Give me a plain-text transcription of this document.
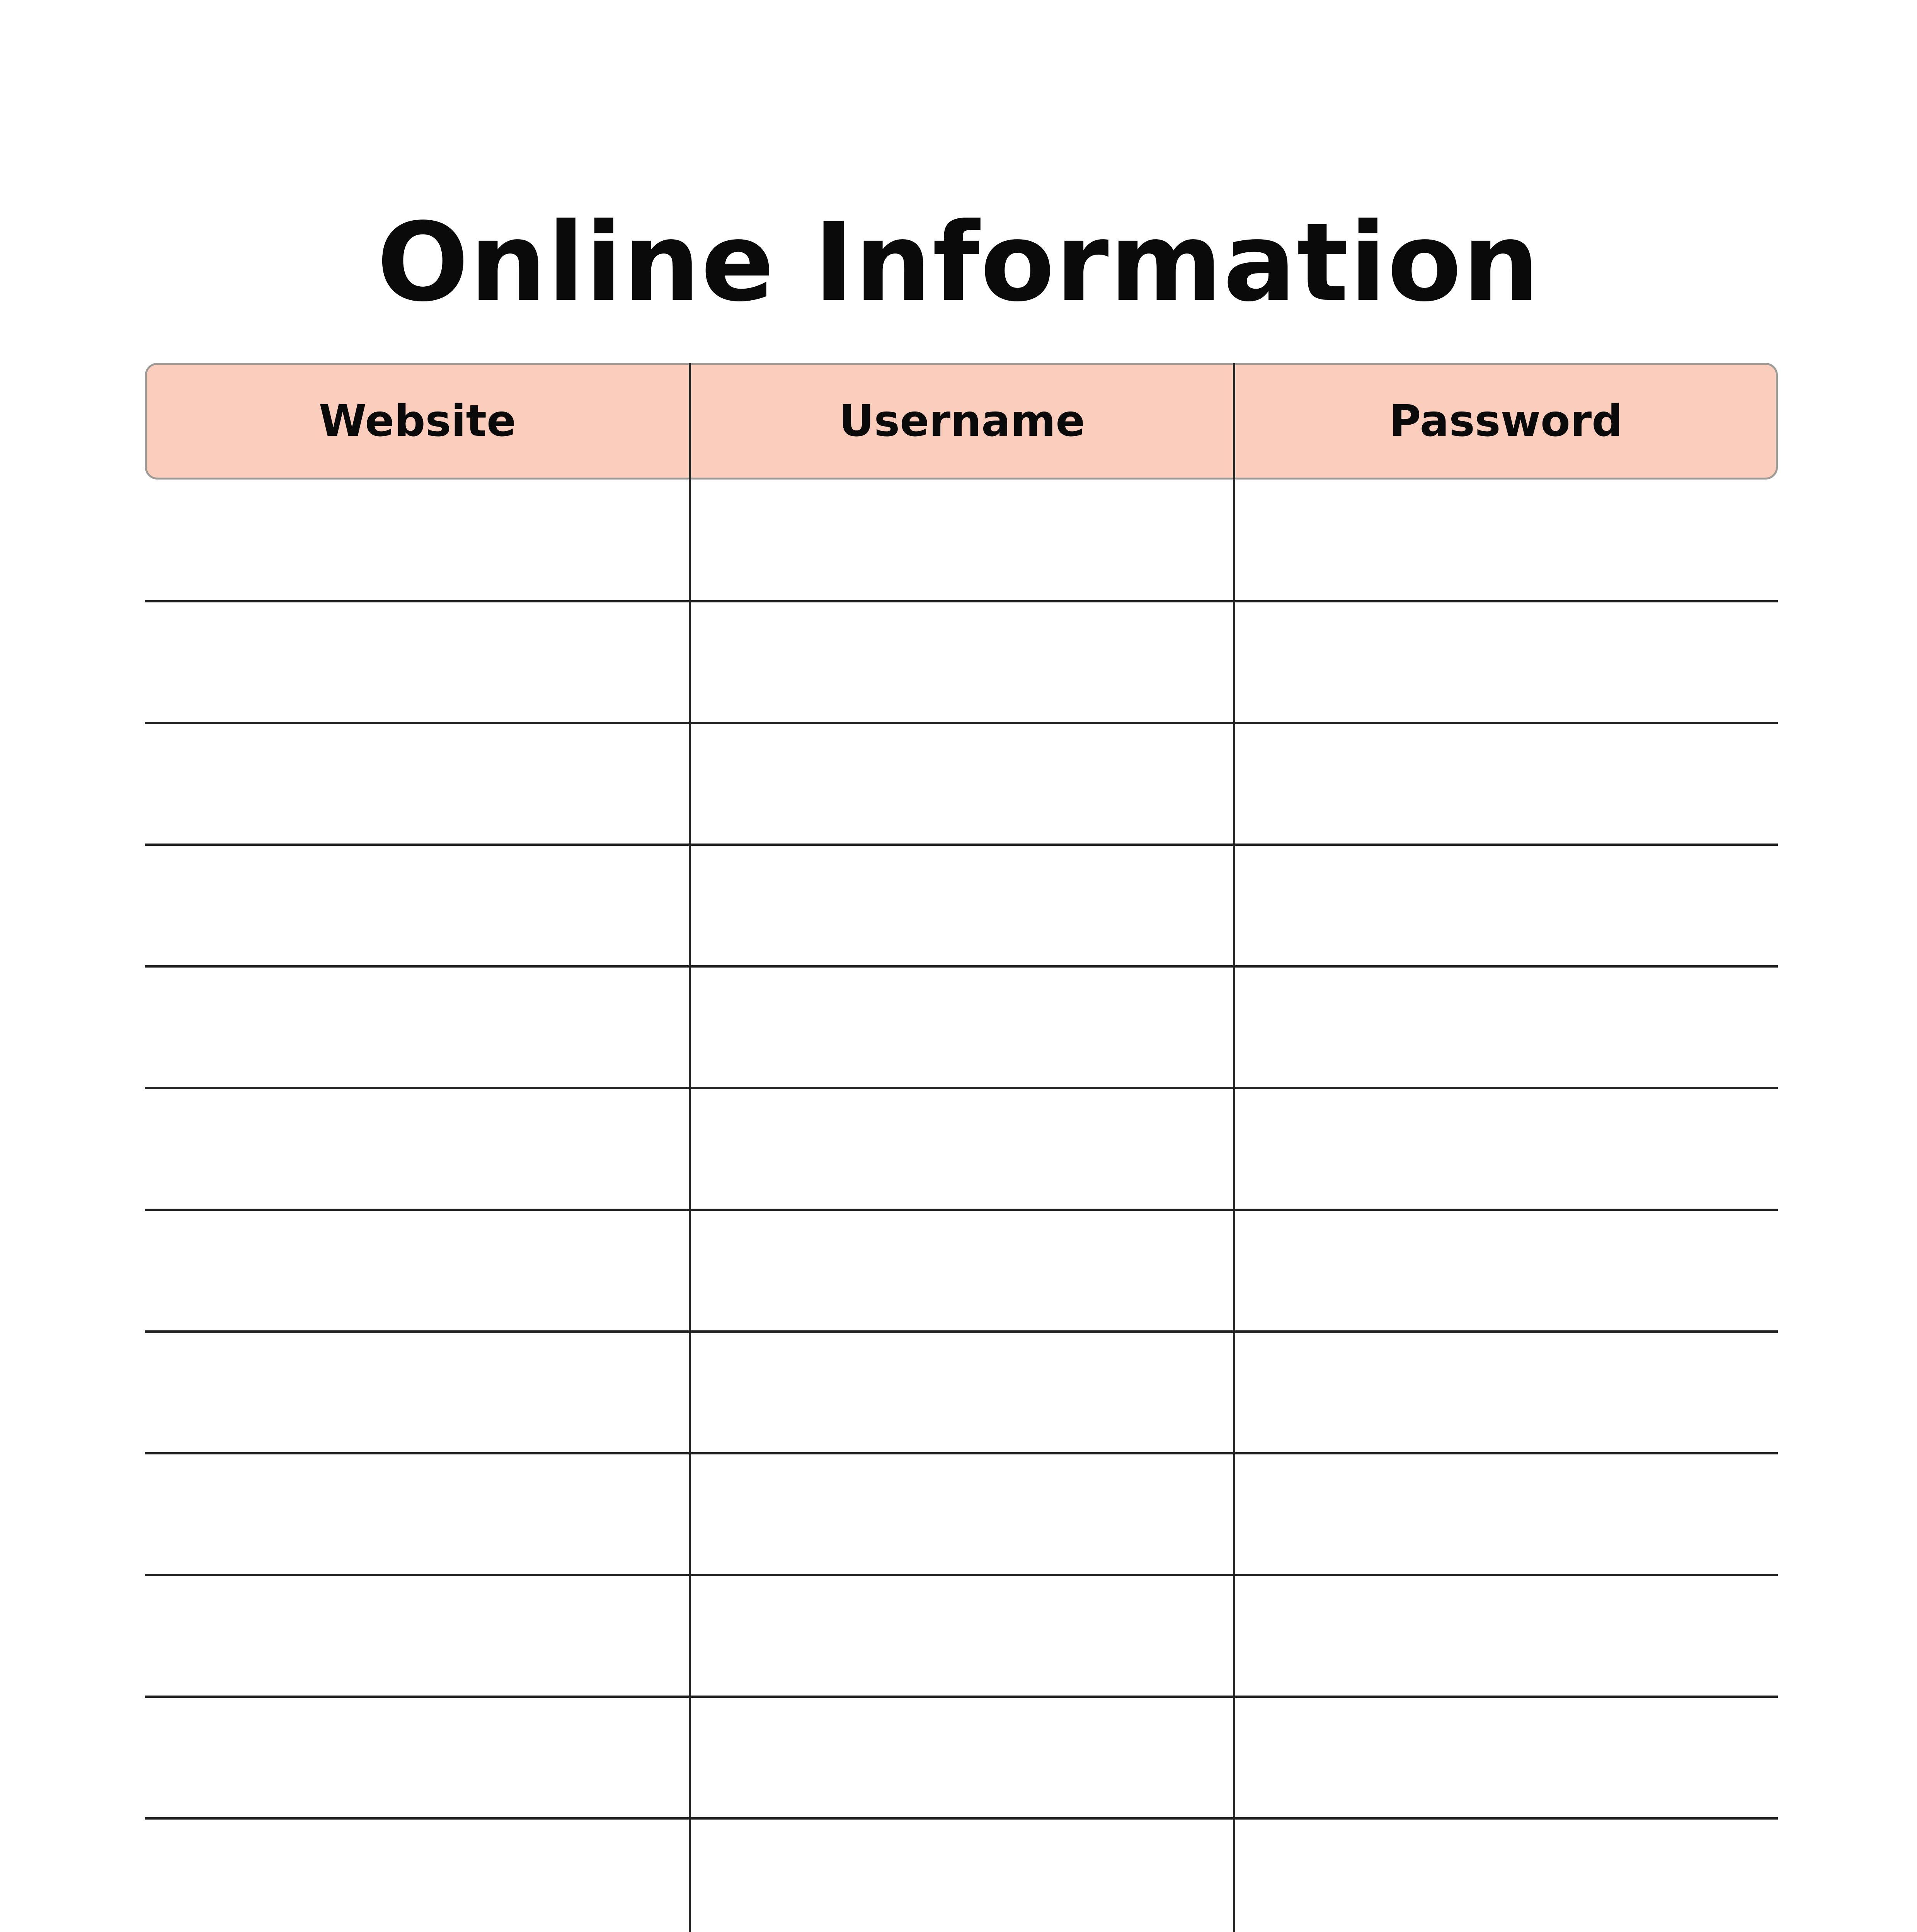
Online Information
Website	Username	Password
